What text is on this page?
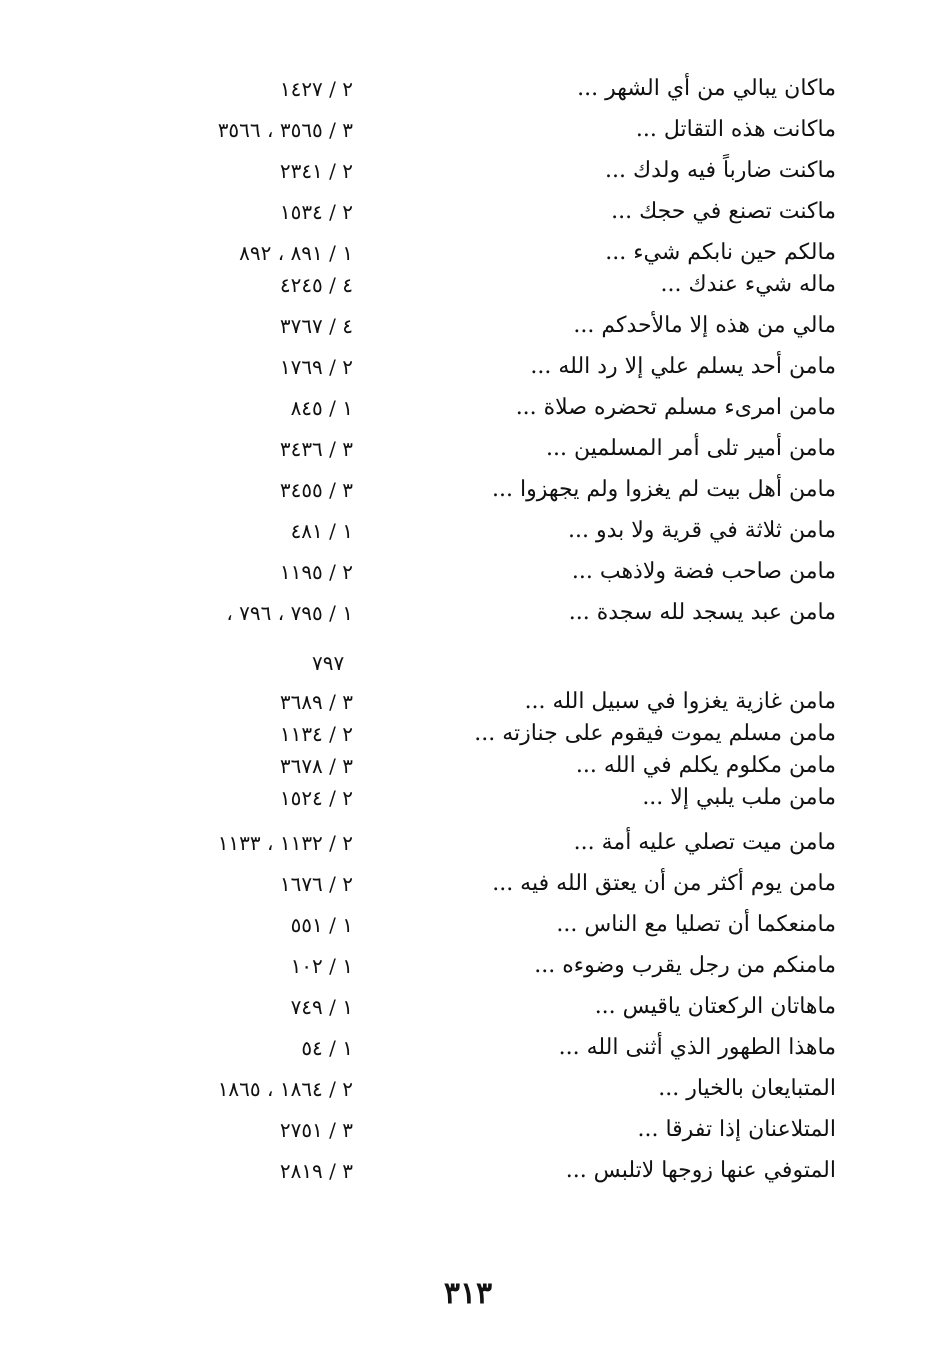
ماكان يبالي من أي الشهر ...
٢ / ١٤٢٧
ماكانت هذه التقاتل ...
٣ / ٣٥٦٥ ، ٣٥٦٦
ماكنت ضارباً فيه ولدك ...
٢ / ٢٣٤١
ماكنت تصنع في حجك ...
٢ / ١٥٣٤
مالكم حين نابكم شيء ...
١ / ٨٩١ ، ٨٩٢
ماله شيء عندك ...
٤ / ٤٢٤٥
مالي من هذه إلا مالأحدكم ...
٤ / ٣٧٦٧
مامن أحد يسلم علي إلا رد الله ...
٢ / ١٧٦٩
مامن امرىء مسلم تحضره صلاة ...
١ / ٨٤٥
مامن أمير تلى أمر المسلمين ...
٣ / ٣٤٣٦
مامن أهل بيت لم يغزوا ولم يجهزوا ...
٣ / ٣٤٥٥
مامن ثلاثة في قرية ولا بدو ...
١ / ٤٨١
مامن صاحب فضة ولاذهب ...
٢ / ١١٩٥
مامن عبد يسجد لله سجدة ...
١ / ٧٩٥ ، ٧٩٦ ،
٧٩٧
مامن غازية يغزوا في سبيل الله ...
٣ / ٣٦٨٩
مامن مسلم يموت فيقوم على جنازته ...
٢ / ١١٣٤
مامن مكلوم يكلم في الله ...
٣ / ٣٦٧٨
مامن ملب يلبي إلا ...
٢ / ١٥٢٤
مامن ميت تصلي عليه أمة ...
٢ / ١١٣٢ ، ١١٣٣
مامن يوم أكثر من أن يعتق الله فيه ...
٢ / ١٦٧٦
مامنعكما أن تصليا مع الناس ...
١ / ٥٥١
مامنكم من رجل يقرب وضوءه ...
١ / ١٠٢
ماهاتان الركعتان ياقيس ...
١ / ٧٤٩
ماهذا الطهور الذي أثنى الله ...
١ / ٥٤
المتبايعان بالخيار ...
٢ / ١٨٦٤ ، ١٨٦٥
المتلاعنان إذا تفرقا ...
٣ / ٢٧٥١
المتوفي عنها زوجها لاتلبس ...
٣ / ٢٨١٩
٣١٣
